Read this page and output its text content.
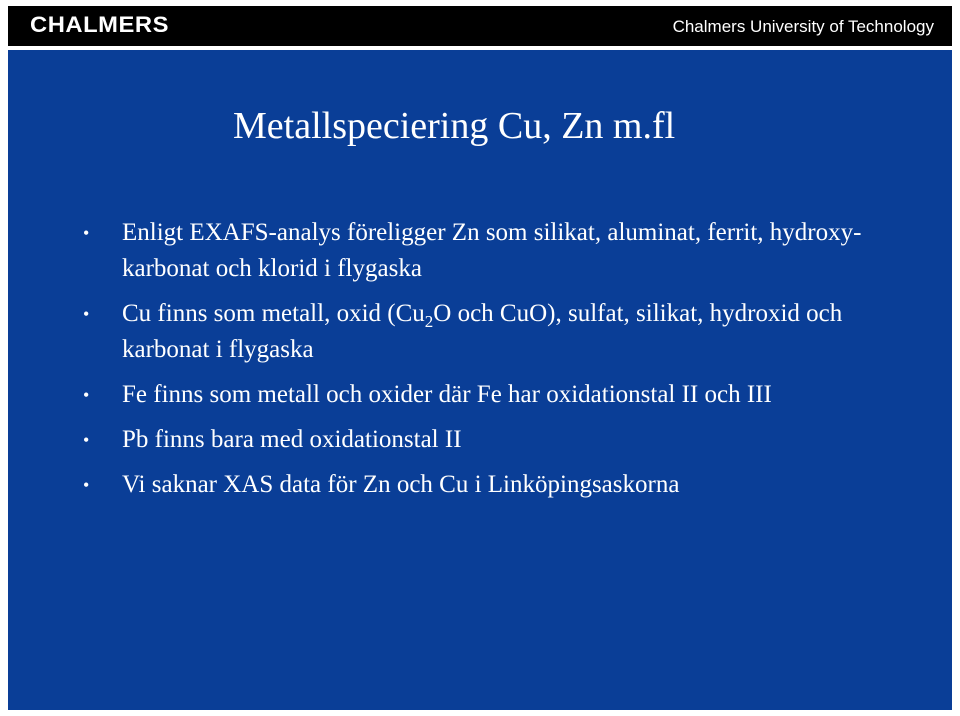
CHALMERS	Chalmers University of Technology
Metallspeciering Cu, Zn m.fl
• Enligt EXAFS-analys föreligger Zn som silikat, aluminat, ferrit, hydroxy-karbonat och klorid i flygaska
• Cu finns som metall, oxid ($Cu_2O$ och CuO), sulfat, silikat, hydroxid och karbonat i flygaska
• Fe finns som metall och oxider där Fe har oxidationstal II och III
• Pb finns bara med oxidationstal II
• Vi saknar XAS data för Zn och Cu i Linköpingsaskorna
